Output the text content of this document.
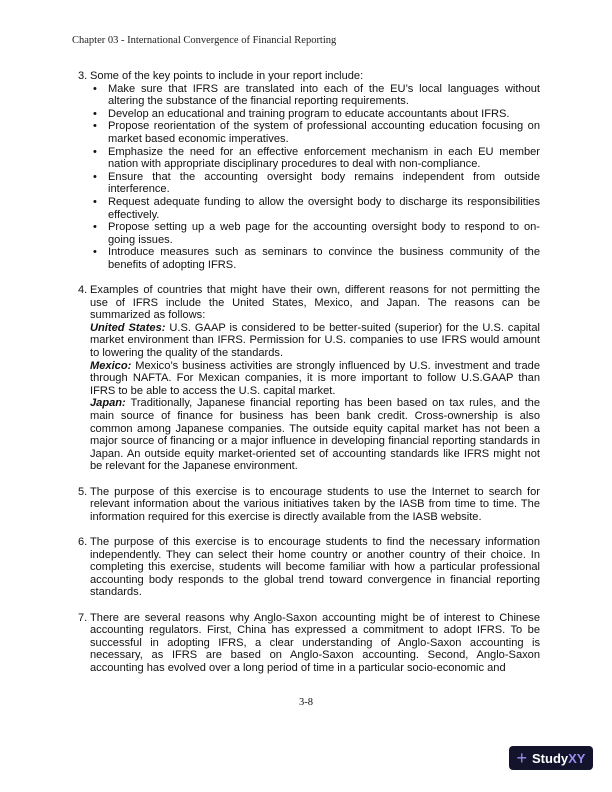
Chapter 03 - International Convergence of Financial Reporting
3. Some of the key points to include in your report include:

• Make sure that IFRS are translated into each of the EU’s local languages without altering the substance of the financial reporting requirements.
• Develop an educational and training program to educate accountants about IFRS.
• Propose reorientation of the system of professional accounting education focusing on market based economic imperatives.
• Emphasize the need for an effective enforcement mechanism in each EU member nation with appropriate disciplinary procedures to deal with non-compliance.
• Ensure that the accounting oversight body remains independent from outside interference.
• Request adequate funding to allow the oversight body to discharge its responsibilities effectively.
• Propose setting up a web page for the accounting oversight body to respond to on-going issues.
• Introduce measures such as seminars to convince the business community of the benefits of adopting IFRS.
4. Examples of countries that might have their own, different reasons for not permitting the use of IFRS include the United States, Mexico, and Japan. The reasons can be summarized as follows:

United States: U.S. GAAP is considered to be better-suited (superior) for the U.S. capital market environment than IFRS. Permission for U.S. companies to use IFRS would amount to lowering the quality of the standards.

Mexico: Mexico’s business activities are strongly influenced by U.S. investment and trade through NAFTA. For Mexican companies, it is more important to follow U.S.GAAP than IFRS to be able to access the U.S. capital market.

Japan: Traditionally, Japanese financial reporting has been based on tax rules, and the main source of finance for business has been bank credit. Cross-ownership is also common among Japanese companies. The outside equity capital market has not been a major source of financing or a major influence in developing financial reporting standards in Japan. An outside equity market-oriented set of accounting standards like IFRS might not be relevant for the Japanese environment.

5. The purpose of this exercise is to encourage students to use the Internet to search for relevant information about the various initiatives taken by the IASB from time to time. The information required for this exercise is directly available from the IASB website.

6. The purpose of this exercise is to encourage students to find the necessary information independently. They can select their home country or another country of their choice. In completing this exercise, students will become familiar with how a particular professional accounting body responds to the global trend toward convergence in financial reporting standards.

7. There are several reasons why Anglo-Saxon accounting might be of interest to Chinese accounting regulators. First, China has expressed a commitment to adopt IFRS. To be successful in adopting IFRS, a clear understanding of Anglo-Saxon accounting is necessary, as IFRS are based on Anglo-Saxon accounting. Second, Anglo-Saxon accounting has evolved over a long period of time in a particular socio-economic and

3-8
+ StudyXY
